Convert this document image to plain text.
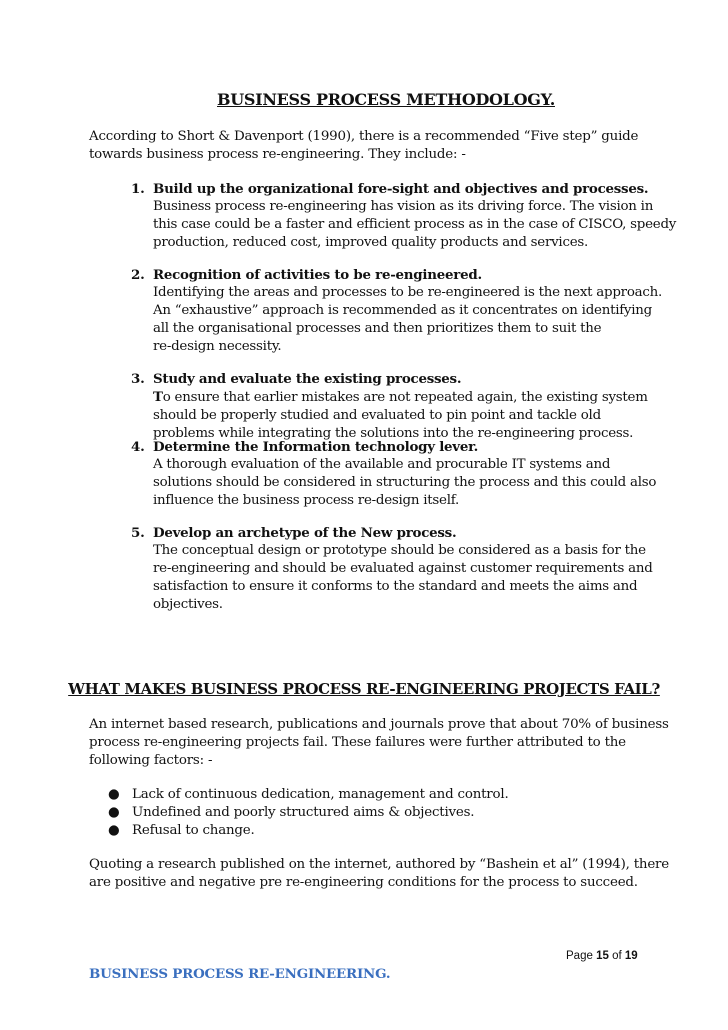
BUSINESS PROCESS METHODOLOGY.
According to Short & Davenport (1990), there is a recommended “Five step” guide
towards business process re-engineering. They include: -
1. Build up the organizational fore-sight and objectives and processes.
Business process re-engineering has vision as its driving force. The vision in
this case could be a faster and efficient process as in the case of CISCO, speedy
production, reduced cost, improved quality products and services.
2. Recognition of activities to be re-engineered.
Identifying the areas and processes to be re-engineered is the next approach.
An “exhaustive” approach is recommended as it concentrates on identifying
all the organisational processes and then prioritizes them to suit the
re-design necessity.
3. Study and evaluate the existing processes.
To ensure that earlier mistakes are not repeated again, the existing system
should be properly studied and evaluated to pin point and tackle old
problems while integrating the solutions into the re-engineering process.
4. Determine the Information technology lever.
A thorough evaluation of the available and procurable IT systems and
solutions should be considered in structuring the process and this could also
influence the business process re-design itself.
5. Develop an archetype of the New process.
The conceptual design or prototype should be considered as a basis for the
re-engineering and should be evaluated against customer requirements and
satisfaction to ensure it conforms to the standard and meets the aims and
objectives.
WHAT MAKES BUSINESS PROCESS RE-ENGINEERING PROJECTS FAIL?
An internet based research, publications and journals prove that about 70% of business
process re-engineering projects fail. These failures were further attributed to the
following factors: -
● Lack of continuous dedication, management and control.
● Undefined and poorly structured aims & objectives.
● Refusal to change.
Quoting a research published on the internet, authored by “Bashein et al” (1994), there
are positive and negative pre re-engineering conditions for the process to succeed.
Page 15 of 19
BUSINESS PROCESS RE-ENGINEERING.
